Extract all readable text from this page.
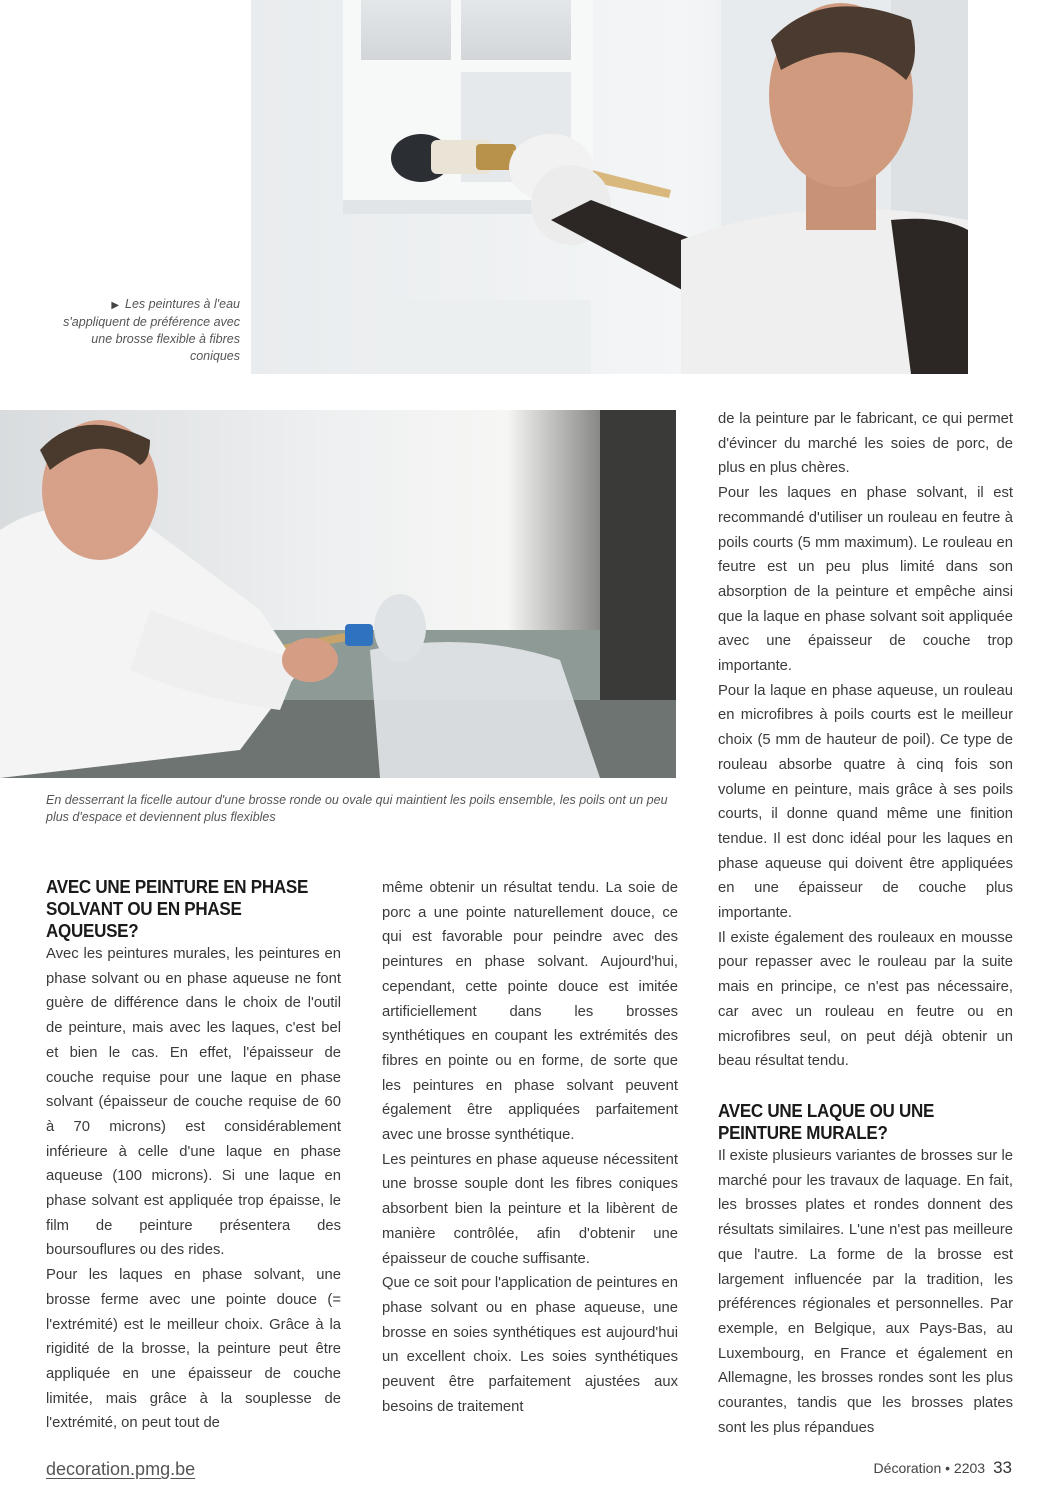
▶ Les peintures à l'eau s'appliquent de préférence avec une brosse flexible à fibres coniques
En desserrant la ficelle autour d'une brosse ronde ou ovale qui maintient les poils ensemble, les poils ont un peu plus d'espace et deviennent plus flexibles
AVEC UNE PEINTURE EN PHASE SOLVANT OU EN PHASE AQUEUSE?

Avec les peintures murales, les peintures en phase solvant ou en phase aqueuse ne font guère de différence dans le choix de l'outil de peinture, mais avec les laques, c'est bel et bien le cas. En effet, l'épaisseur de couche requise pour une laque en phase solvant (épaisseur de couche requise de 60 à 70 microns) est considérablement inférieure à celle d'une laque en phase aqueuse (100 microns). Si une laque en phase solvant est appliquée trop épaisse, le film de peinture présentera des boursouflures ou des rides.

Pour les laques en phase solvant, une brosse ferme avec une pointe douce (= l'extrémité) est le meilleur choix. Grâce à la rigidité de la brosse, la peinture peut être appliquée en une épaisseur de couche limitée, mais grâce à la souplesse de l'extrémité, on peut tout de

même obtenir un résultat tendu. La soie de porc a une pointe naturellement douce, ce qui est favorable pour peindre avec des peintures en phase solvant. Aujourd'hui, cependant, cette pointe douce est imitée artificiellement dans les brosses synthétiques en coupant les extrémités des fibres en pointe ou en forme, de sorte que les peintures en phase solvant peuvent également être appliquées parfaitement avec une brosse synthétique.

Les peintures en phase aqueuse nécessitent une brosse souple dont les fibres coniques absorbent bien la peinture et la libèrent de manière contrôlée, afin d'obtenir une épaisseur de couche suffisante.

Que ce soit pour l'application de peintures en phase solvant ou en phase aqueuse, une brosse en soies synthétiques est aujourd'hui un excellent choix. Les soies synthétiques peuvent être parfaitement ajustées aux besoins de traitement

de la peinture par le fabricant, ce qui permet d'évincer du marché les soies de porc, de plus en plus chères.

Pour les laques en phase solvant, il est recommandé d'utiliser un rouleau en feutre à poils courts (5 mm maximum). Le rouleau en feutre est un peu plus limité dans son absorption de la peinture et empêche ainsi que la laque en phase solvant soit appliquée avec une épaisseur de couche trop importante.

Pour la laque en phase aqueuse, un rouleau en microfibres à poils courts est le meilleur choix (5 mm de hauteur de poil). Ce type de rouleau absorbe quatre à cinq fois son volume en peinture, mais grâce à ses poils courts, il donne quand même une finition tendue. Il est donc idéal pour les laques en phase aqueuse qui doivent être appliquées en une épaisseur de couche plus importante.

Il existe également des rouleaux en mousse pour repasser avec le rouleau par la suite mais en principe, ce n'est pas nécessaire, car avec un rouleau en feutre ou en microfibres seul, on peut déjà obtenir un beau résultat tendu.

AVEC UNE LAQUE OU UNE PEINTURE MURALE?

Il existe plusieurs variantes de brosses sur le marché pour les travaux de laquage. En fait, les brosses plates et rondes donnent des résultats similaires. L'une n'est pas meilleure que l'autre. La forme de la brosse est largement influencée par la tradition, les préférences régionales et personnelles. Par exemple, en Belgique, aux Pays-Bas, au Luxembourg, en France et également en Allemagne, les brosses rondes sont les plus courantes, tandis que les brosses plates sont les plus répandues

decoration.pmg.be	Décoration • 2203 33
